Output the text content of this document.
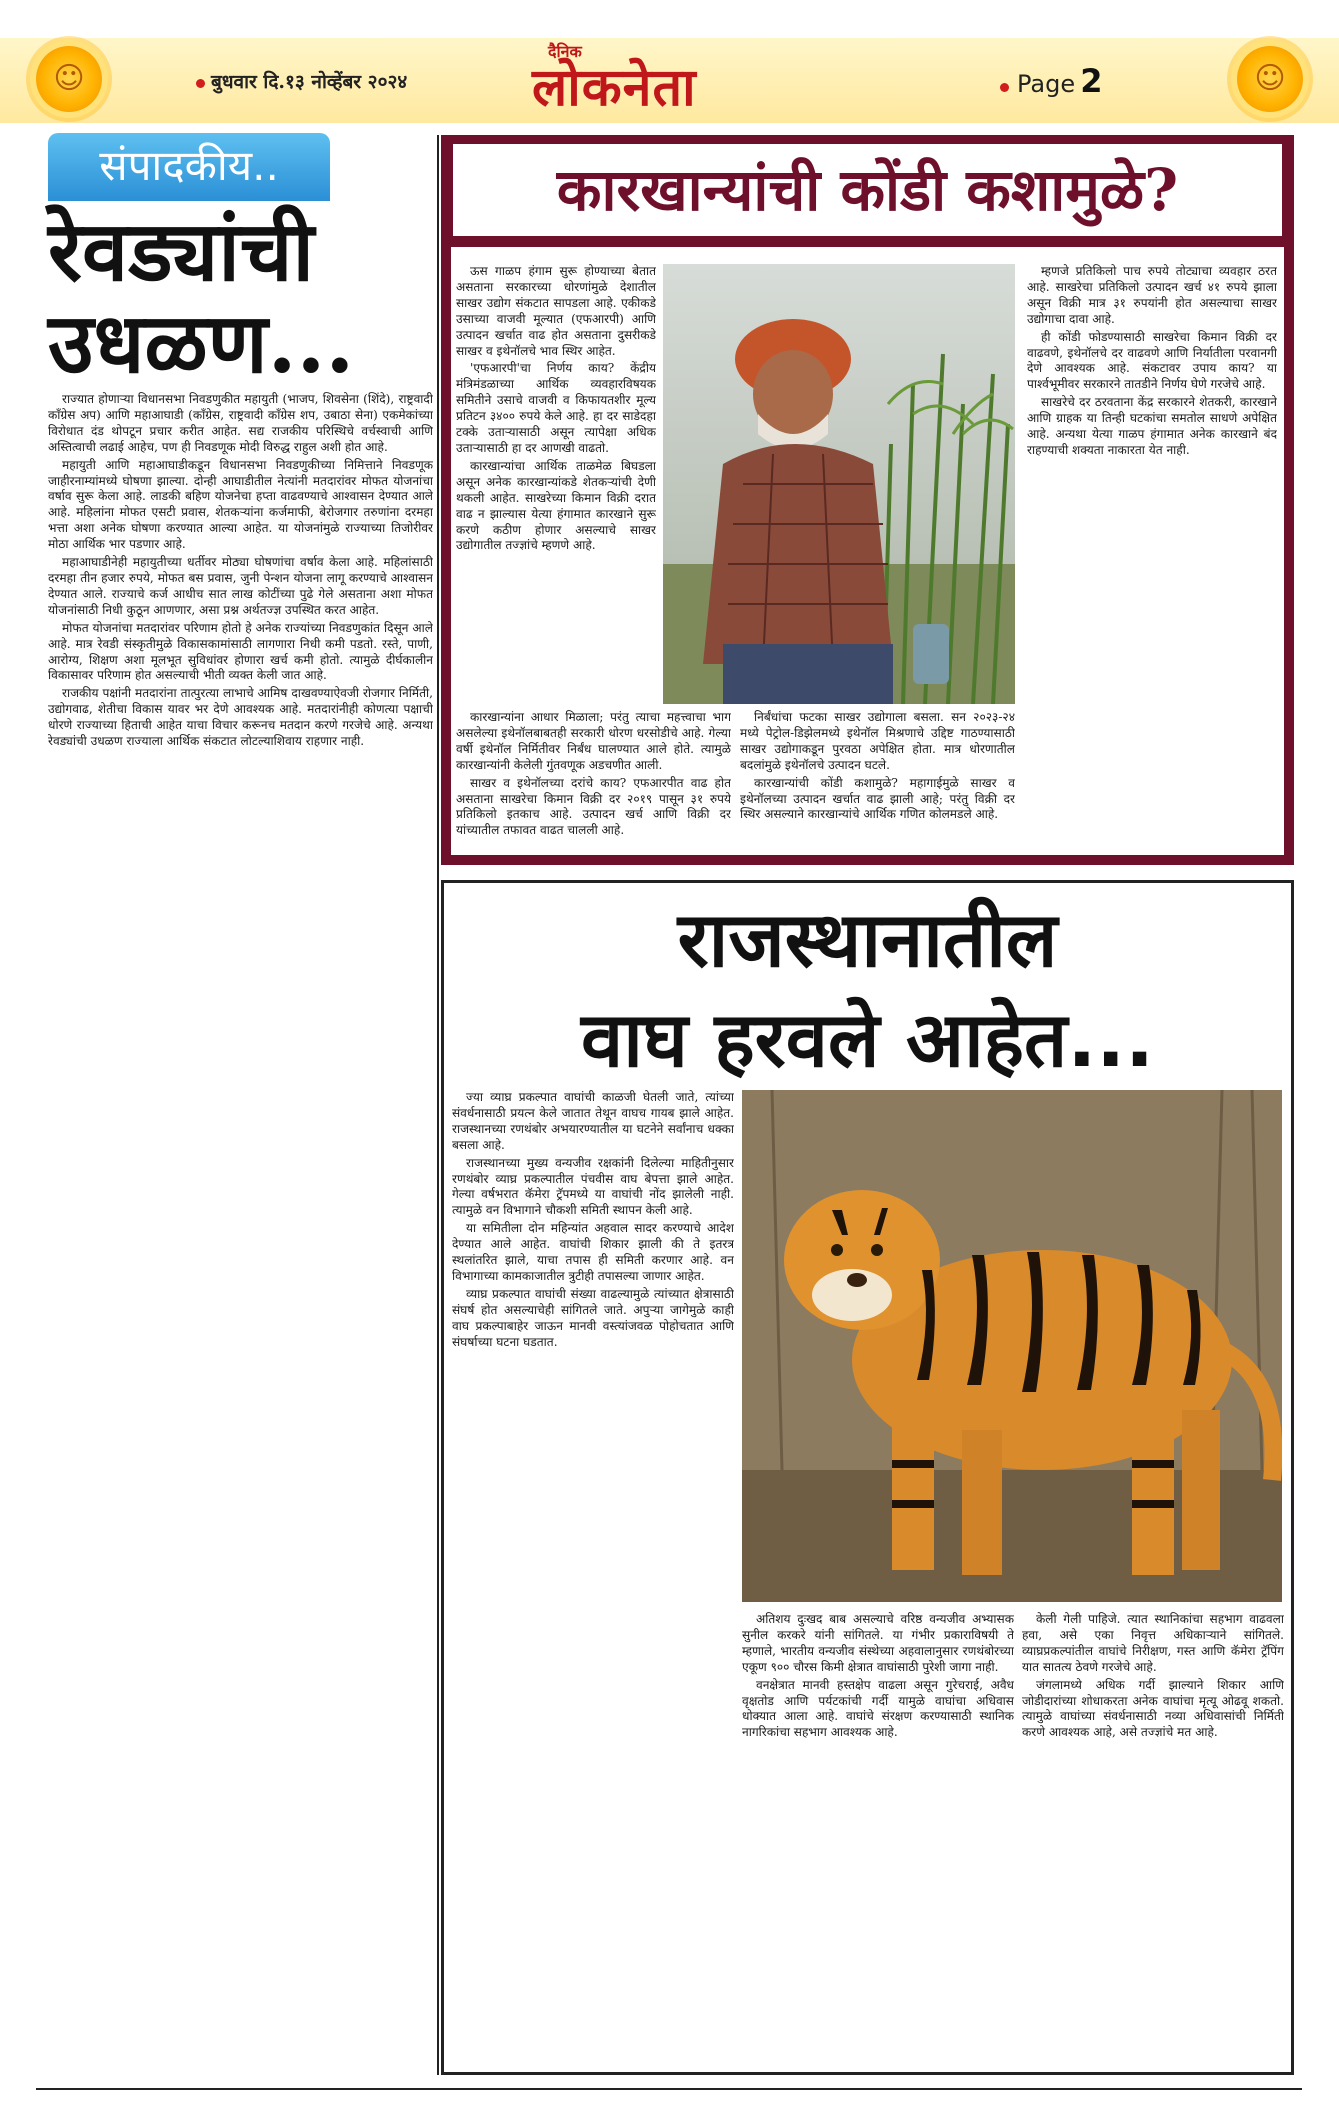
☺	☺
बुधवार दि.१३ नोव्हेंबर २०२४
दैनिक
लोकनेता	Page 2
संपादकीय..
रेवड्यांची
उधळण...

राज्यात होणाऱ्या विधानसभा निवडणुकीत महायुती (भाजप, शिवसेना (शिंदे), राष्ट्रवादी काँग्रेस अप) आणि महाआघाडी (काँग्रेस, राष्ट्रवादी काँग्रेस शप, उबाठा सेना) एकमेकांच्या विरोधात दंड थोपटून प्रचार करीत आहेत. सद्य राजकीय परिस्थिचे वर्चस्वाची आणि अस्तित्वाची लढाई आहेच, पण ही निवडणूक मोदी विरुद्ध राहुल अशी होत आहे.

महायुती आणि महाआघाडीकडून विधानसभा निवडणुकीच्या निमित्ताने निवडणूक जाहीरनाम्यांमध्ये घोषणा झाल्या. दोन्ही आघाडीतील नेत्यांनी मतदारांवर मोफत योजनांचा वर्षाव सुरू केला आहे. लाडकी बहिण योजनेचा हप्ता वाढवण्याचे आश्वासन देण्यात आले आहे. महिलांना मोफत एसटी प्रवास, शेतकऱ्यांना कर्जमाफी, बेरोजगार तरुणांना दरमहा भत्ता अशा अनेक घोषणा करण्यात आल्या आहेत. या योजनांमुळे राज्याच्या तिजोरीवर मोठा आर्थिक भार पडणार आहे.

महाआघाडीनेही महायुतीच्या धर्तीवर मोठ्या घोषणांचा वर्षाव केला आहे. महिलांसाठी दरमहा तीन हजार रुपये, मोफत बस प्रवास, जुनी पेन्शन योजना लागू करण्याचे आश्वासन देण्यात आले. राज्याचे कर्ज आधीच सात लाख कोटींच्या पुढे गेले असताना अशा मोफत योजनांसाठी निधी कुठून आणणार, असा प्रश्न अर्थतज्ज्ञ उपस्थित करत आहेत.

मोफत योजनांचा मतदारांवर परिणाम होतो हे अनेक राज्यांच्या निवडणुकांत दिसून आले आहे. मात्र रेवडी संस्कृतीमुळे विकासकामांसाठी लागणारा निधी कमी पडतो. रस्ते, पाणी, आरोग्य, शिक्षण अशा मूलभूत सुविधांवर होणारा खर्च कमी होतो. त्यामुळे दीर्घकालीन विकासावर परिणाम होत असल्याची भीती व्यक्त केली जात आहे.

राजकीय पक्षांनी मतदारांना तात्पुरत्या लाभाचे आमिष दाखवण्याऐवजी रोजगार निर्मिती, उद्योगवाढ, शेतीचा विकास यावर भर देणे आवश्यक आहे. मतदारांनीही कोणत्या पक्षाची धोरणे राज्याच्या हिताची आहेत याचा विचार करूनच मतदान करणे गरजेचे आहे. अन्यथा रेवड्यांची उधळण राज्याला आर्थिक संकटात लोटल्याशिवाय राहणार नाही.

कारखान्यांची कोंडी कशामुळे?

ऊस गाळप हंगाम सुरू होण्याच्या बेतात असताना सरकारच्या धोरणांमुळे देशातील साखर उद्योग संकटात सापडला आहे. एकीकडे उसाच्या वाजवी मूल्यात (एफआरपी) आणि उत्पादन खर्चात वाढ होत असताना दुसरीकडे साखर व इथेनॉलचे भाव स्थिर आहेत.

'एफआरपी'चा निर्णय काय? केंद्रीय मंत्रिमंडळाच्या आर्थिक व्यवहारविषयक समितीने उसाचे वाजवी व किफायतशीर मूल्य प्रतिटन ३४०० रुपये केले आहे. हा दर साडेदहा टक्के उताऱ्यासाठी असून त्यापेक्षा अधिक उताऱ्यासाठी हा दर आणखी वाढतो.

कारखान्यांचा आर्थिक ताळमेळ बिघडला असून अनेक कारखान्यांकडे शेतकऱ्यांची देणी थकली आहेत. साखरेच्या किमान विक्री दरात वाढ न झाल्यास येत्या हंगामात कारखाने सुरू करणे कठीण होणार असल्याचे साखर उद्योगातील तज्ज्ञांचे म्हणणे आहे.

म्हणजे प्रतिकिलो पाच रुपये तोट्याचा व्यवहार ठरत आहे. साखरेचा प्रतिकिलो उत्पादन खर्च ४१ रुपये झाला असून विक्री मात्र ३१ रुपयांनी होत असल्याचा साखर उद्योगाचा दावा आहे.

ही कोंडी फोडण्यासाठी साखरेचा किमान विक्री दर वाढवणे, इथेनॉलचे दर वाढवणे आणि निर्यातीला परवानगी देणे आवश्यक आहे. संकटावर उपाय काय? या पार्श्वभूमीवर सरकारने तातडीने निर्णय घेणे गरजेचे आहे.

साखरेचे दर ठरवताना केंद्र सरकारने शेतकरी, कारखाने आणि ग्राहक या तिन्ही घटकांचा समतोल साधणे अपेक्षित आहे. अन्यथा येत्या गाळप हंगामात अनेक कारखाने बंद राहण्याची शक्यता नाकारता येत नाही.

कारखान्यांना आधार मिळाला; परंतु त्याचा महत्त्वाचा भाग असलेल्या इथेनॉलबाबतही सरकारी धोरण धरसोडीचे आहे. गेल्या वर्षी इथेनॉल निर्मितीवर निर्बंध घालण्यात आले होते. त्यामुळे कारखान्यांनी केलेली गुंतवणूक अडचणीत आली.

साखर व इथेनॉलच्या दरांचे काय? एफआरपीत वाढ होत असताना साखरेचा किमान विक्री दर २०१९ पासून ३१ रुपये प्रतिकिलो इतकाच आहे. उत्पादन खर्च आणि विक्री दर यांच्यातील तफावत वाढत चालली आहे.

निर्बंधांचा फटका साखर उद्योगाला बसला. सन २०२३-२४ मध्ये पेट्रोल-डिझेलमध्ये इथेनॉल मिश्रणाचे उद्दिष्ट गाठण्यासाठी साखर उद्योगाकडून पुरवठा अपेक्षित होता. मात्र धोरणातील बदलांमुळे इथेनॉलचे उत्पादन घटले.

कारखान्यांची कोंडी कशामुळे? महागाईमुळे साखर व इथेनॉलच्या उत्पादन खर्चात वाढ झाली आहे; परंतु विक्री दर स्थिर असल्याने कारखान्यांचे आर्थिक गणित कोलमडले आहे.

राजस्थानातील
वाघ हरवले आहेत...

ज्या व्याघ्र प्रकल्पात वाघांची काळजी घेतली जाते, त्यांच्या संवर्धनासाठी प्रयत्न केले जातात तेथून वाघच गायब झाले आहेत. राजस्थानच्या रणथंबोर अभयारण्यातील या घटनेने सर्वांनाच धक्का बसला आहे.

राजस्थानच्या मुख्य वन्यजीव रक्षकांनी दिलेल्या माहितीनुसार रणथंबोर व्याघ्र प्रकल्पातील पंचवीस वाघ बेपत्ता झाले आहेत. गेल्या वर्षभरात कॅमेरा ट्रॅपमध्ये या वाघांची नोंद झालेली नाही. त्यामुळे वन विभागाने चौकशी समिती स्थापन केली आहे.

या समितीला दोन महिन्यांत अहवाल सादर करण्याचे आदेश देण्यात आले आहेत. वाघांची शिकार झाली की ते इतरत्र स्थलांतरित झाले, याचा तपास ही समिती करणार आहे. वन विभागाच्या कामकाजातील त्रुटीही तपासल्या जाणार आहेत.

व्याघ्र प्रकल्पात वाघांची संख्या वाढल्यामुळे त्यांच्यात क्षेत्रासाठी संघर्ष होत असल्याचेही सांगितले जाते. अपुऱ्या जागेमुळे काही वाघ प्रकल्पाबाहेर जाऊन मानवी वस्त्यांजवळ पोहोचतात आणि संघर्षाच्या घटना घडतात.

अतिशय दुःखद बाब असल्याचे वरिष्ठ वन्यजीव अभ्यासक सुनील करकरे यांनी सांगितले. या गंभीर प्रकाराविषयी ते म्हणाले, भारतीय वन्यजीव संस्थेच्या अहवालानुसार रणथंबोरच्या एकूण ९०० चौरस किमी क्षेत्रात वाघांसाठी पुरेशी जागा नाही.

वनक्षेत्रात मानवी हस्तक्षेप वाढला असून गुरेचराई, अवैध वृक्षतोड आणि पर्यटकांची गर्दी यामुळे वाघांचा अधिवास धोक्यात आला आहे. वाघांचे संरक्षण करण्यासाठी स्थानिक नागरिकांचा सहभाग आवश्यक आहे.

केली गेली पाहिजे. त्यात स्थानिकांचा सहभाग वाढवला हवा, असे एका निवृत्त अधिकाऱ्याने सांगितले. व्याघ्रप्रकल्पांतील वाघांचे निरीक्षण, गस्त आणि कॅमेरा ट्रॅपिंग यात सातत्य ठेवणे गरजेचे आहे.

जंगलामध्ये अधिक गर्दी झाल्याने शिकार आणि जोडीदारांच्या शोधाकरता अनेक वाघांचा मृत्यू ओढवू शकतो. त्यामुळे वाघांच्या संवर्धनासाठी नव्या अधिवासांची निर्मिती करणे आवश्यक आहे, असे तज्ज्ञांचे मत आहे.
